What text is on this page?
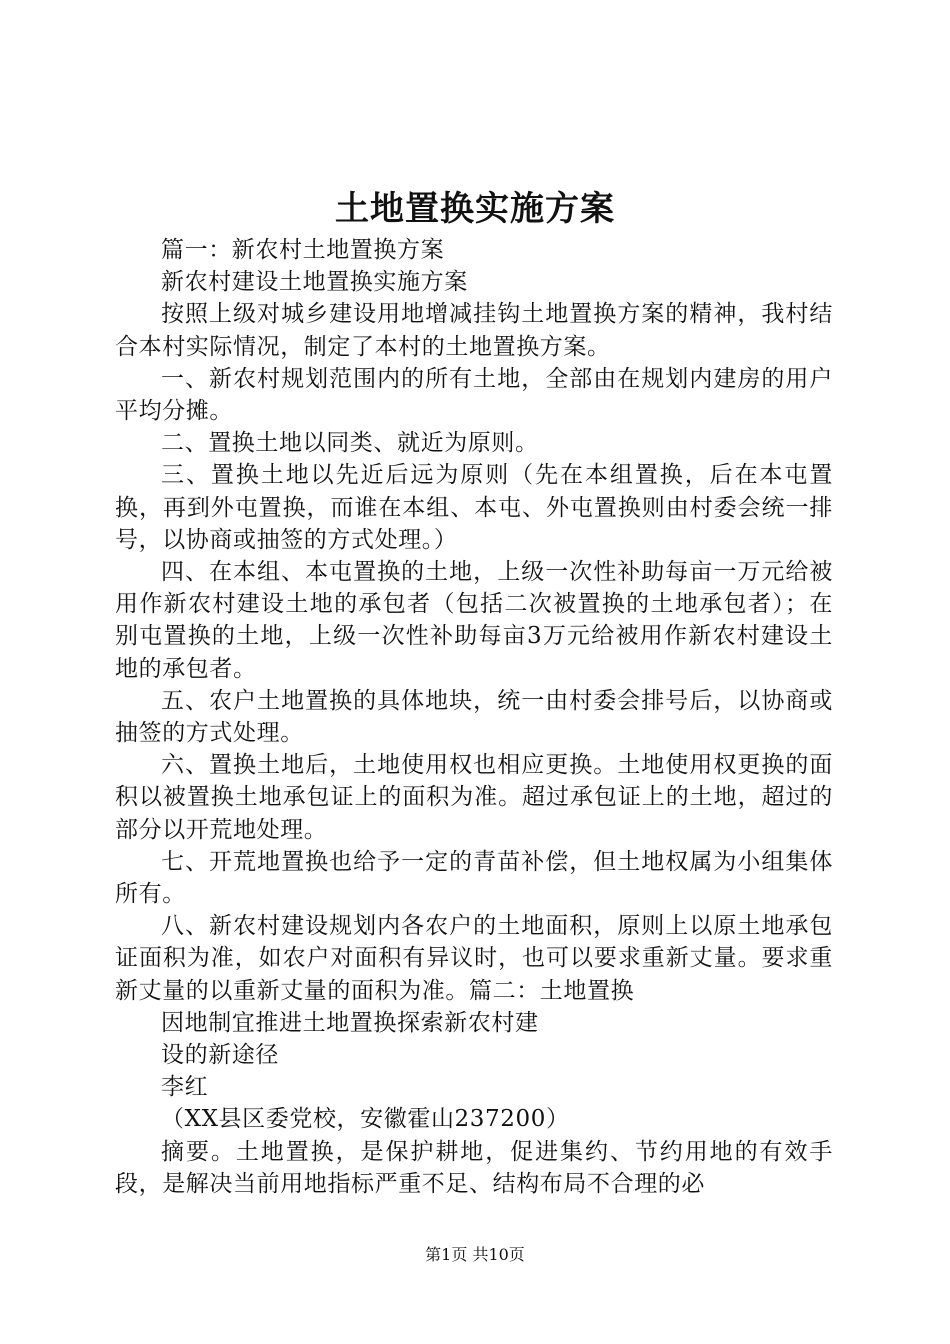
土地置换实施方案

篇一：新农村土地置换方案

新农村建设土地置换实施方案

按照上级对城乡建设用地增减挂钩土地置换方案的精神，我村结合本村实际情况，制定了本村的土地置换方案。

一、新农村规划范围内的所有土地，全部由在规划内建房的用户平均分摊。

二、置换土地以同类、就近为原则。

三、置换土地以先近后远为原则（先在本组置换，后在本屯置换，再到外屯置换，而谁在本组、本屯、外屯置换则由村委会统一排号，以协商或抽签的方式处理。）

四、在本组、本屯置换的土地，上级一次性补助每亩一万元给被用作新农村建设土地的承包者（包括二次被置换的土地承包者）；在别屯置换的土地，上级一次性补助每亩3万元给被用作新农村建设土地的承包者。

五、农户土地置换的具体地块，统一由村委会排号后，以协商或抽签的方式处理。

六、置换土地后，土地使用权也相应更换。土地使用权更换的面积以被置换土地承包证上的面积为准。超过承包证上的土地，超过的部分以开荒地处理。

七、开荒地置换也给予一定的青苗补偿，但土地权属为小组集体所有。

八、新农村建设规划内各农户的土地面积，原则上以原土地承包证面积为准，如农户对面积有异议时，也可以要求重新丈量。要求重新丈量的以重新丈量的面积为准。篇二：土地置换

因地制宜推进土地置换探索新农村建

设的新途径

李红

（XX县区委党校，安徽霍山237200）

摘要。土地置换，是保护耕地，促进集约、节约用地的有效手段，是解决当前用地指标严重不足、结构布局不合理的必

第1页 共10页
